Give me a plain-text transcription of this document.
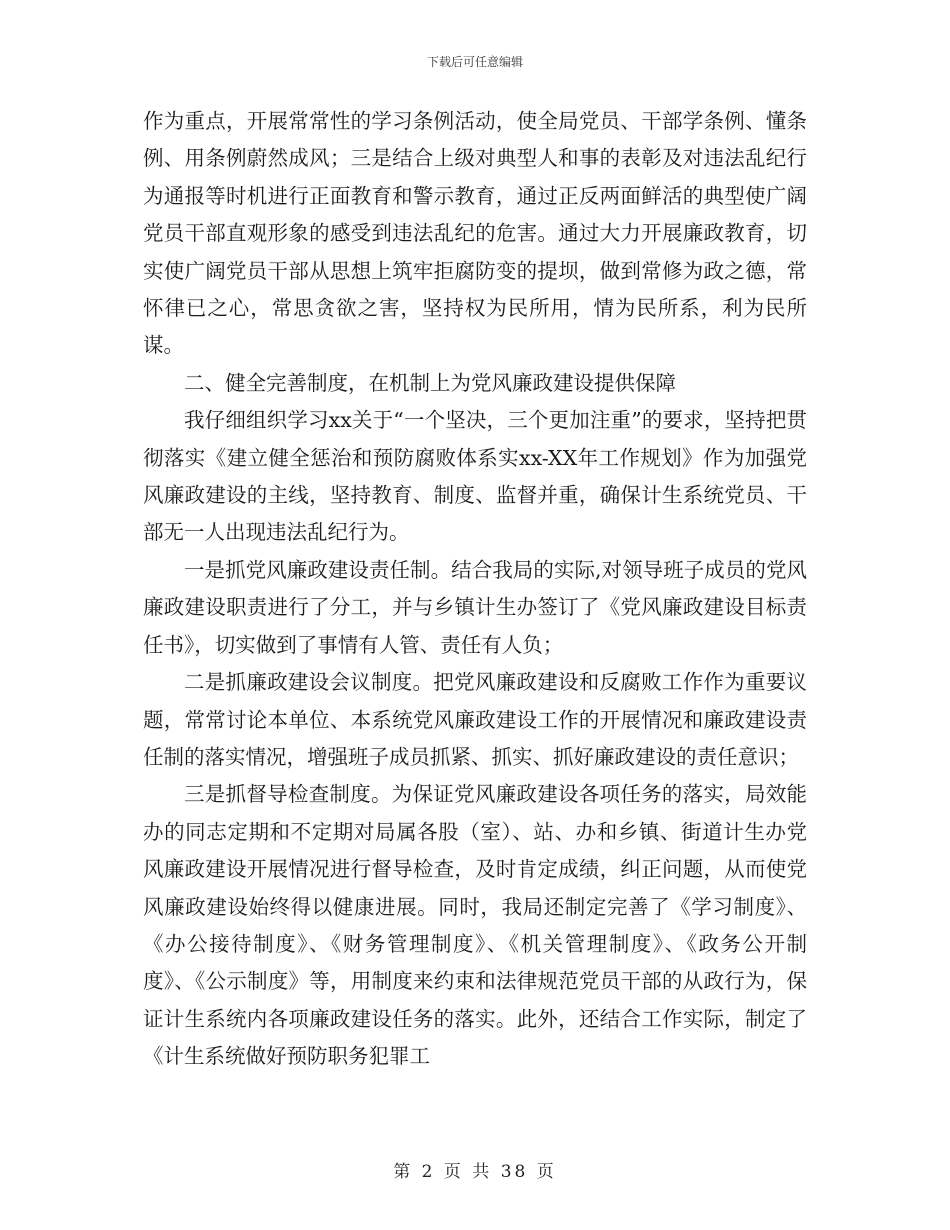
下载后可任意编辑

作为重点，开展常常性的学习条例活动，使全局党员、干部学条例、懂条例、用条例蔚然成风；三是结合上级对典型人和事的表彰及对违法乱纪行为通报等时机进行正面教育和警示教育，通过正反两面鲜活的典型使广阔党员干部直观形象的感受到违法乱纪的危害。通过大力开展廉政教育，切实使广阔党员干部从思想上筑牢拒腐防变的提坝，做到常修为政之德，常怀律已之心，常思贪欲之害，坚持权为民所用，情为民所系，利为民所谋。

二、健全完善制度，在机制上为党风廉政建设提供保障

我仔细组织学习xx关于“一个坚决，三个更加注重”的要求，坚持把贯彻落实《建立健全惩治和预防腐败体系实xx-XX年工作规划》作为加强党风廉政建设的主线，坚持教育、制度、监督并重，确保计生系统党员、干部无一人出现违法乱纪行为。

一是抓党风廉政建设责任制。结合我局的实际,对领导班子成员的党风廉政建设职责进行了分工，并与乡镇计生办签订了《党风廉政建设目标责任书》，切实做到了事情有人管、责任有人负；

二是抓廉政建设会议制度。把党风廉政建设和反腐败工作作为重要议题，常常讨论本单位、本系统党风廉政建设工作的开展情况和廉政建设责任制的落实情况，增强班子成员抓紧、抓实、抓好廉政建设的责任意识；

三是抓督导检查制度。为保证党风廉政建设各项任务的落实，局效能办的同志定期和不定期对局属各股（室）、站、办和乡镇、街道计生办党风廉政建设开展情况进行督导检查，及时肯定成绩，纠正问题，从而使党风廉政建设始终得以健康进展。同时，我局还制定完善了《学习制度》、《办公接待制度》、《财务管理制度》、《机关管理制度》、《政务公开制度》、《公示制度》等，用制度来约束和法律规范党员干部的从政行为，保证计生系统内各项廉政建设任务的落实。此外，还结合工作实际，制定了《计生系统做好预防职务犯罪工

第 2 页 共 38 页
